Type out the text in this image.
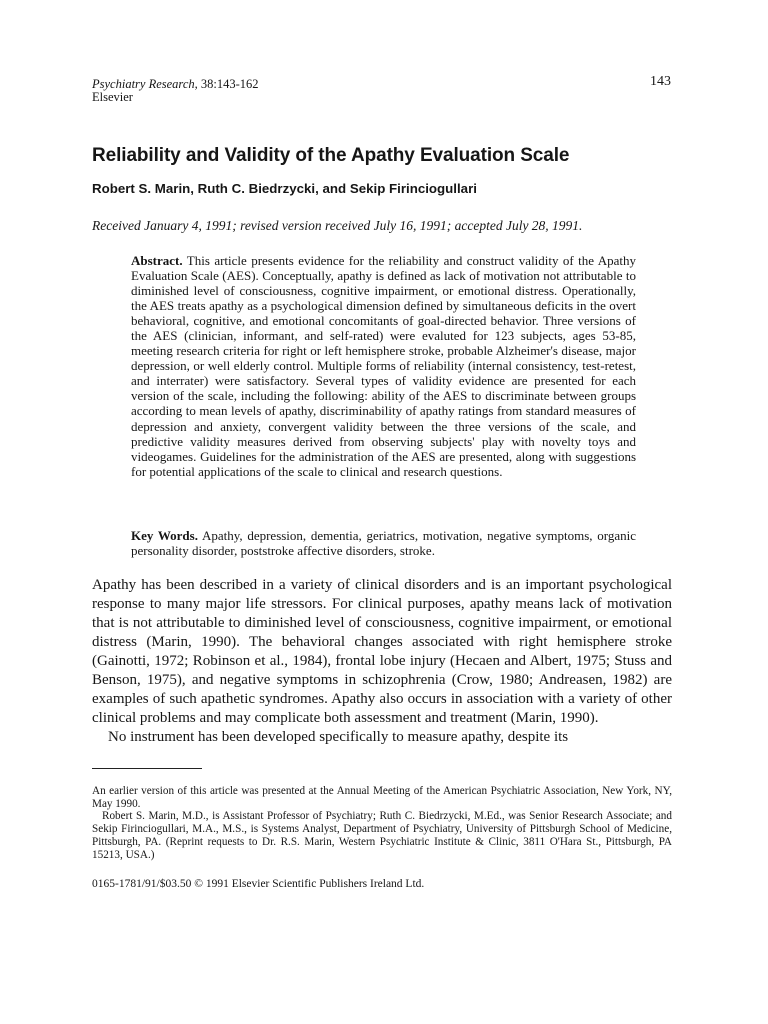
Psychiatry Research, 38:143-162
Elsevier
143
Reliability and Validity of the Apathy Evaluation Scale
Robert S. Marin, Ruth C. Biedrzycki, and Sekip Firinciogullari
Received January 4, 1991; revised version received July 16, 1991; accepted July 28, 1991.

Abstract. This article presents evidence for the reliability and construct validity of the Apathy Evaluation Scale (AES). Conceptually, apathy is defined as lack of motivation not attributable to diminished level of consciousness, cognitive impairment, or emotional distress. Operationally, the AES treats apathy as a psychological dimension defined by simultaneous deficits in the overt behavioral, cognitive, and emotional concomitants of goal-directed behavior. Three versions of the AES (clinician, informant, and self-rated) were evaluted for 123 subjects, ages 53-85, meeting research criteria for right or left hemisphere stroke, probable Alzheimer's disease, major depression, or well elderly control. Multiple forms of reliability (internal consistency, test-retest, and interrater) were satisfactory. Several types of validity evidence are presented for each version of the scale, including the following: ability of the AES to discriminate between groups according to mean levels of apathy, discriminability of apathy ratings from standard measures of depression and anxiety, convergent validity between the three versions of the scale, and predictive validity measures derived from observing subjects' play with novelty toys and videogames. Guidelines for the administration of the AES are presented, along with suggestions for potential applications of the scale to clinical and research questions.

Key Words. Apathy, depression, dementia, geriatrics, motivation, negative symptoms, organic personality disorder, poststroke affective disorders, stroke.

Apathy has been described in a variety of clinical disorders and is an important psychological response to many major life stressors. For clinical purposes, apathy means lack of motivation that is not attributable to diminished level of consciousness, cognitive impairment, or emotional distress (Marin, 1990). The behavioral changes associated with right hemisphere stroke (Gainotti, 1972; Robinson et al., 1984), frontal lobe injury (Hecaen and Albert, 1975; Stuss and Benson, 1975), and negative symptoms in schizophrenia (Crow, 1980; Andreasen, 1982) are examples of such apathetic syndromes. Apathy also occurs in association with a variety of other clinical problems and may complicate both assessment and treatment (Marin, 1990).

No instrument has been developed specifically to measure apathy, despite its

An earlier version of this article was presented at the Annual Meeting of the American Psychiatric Association, New York, NY, May 1990.

Robert S. Marin, M.D., is Assistant Professor of Psychiatry; Ruth C. Biedrzycki, M.Ed., was Senior Research Associate; and Sekip Firinciogullari, M.A., M.S., is Systems Analyst, Department of Psychiatry, University of Pittsburgh School of Medicine, Pittsburgh, PA. (Reprint requests to Dr. R.S. Marin, Western Psychiatric Institute & Clinic, 3811 O'Hara St., Pittsburgh, PA 15213, USA.)

0165-1781/91/$03.50 © 1991 Elsevier Scientific Publishers Ireland Ltd.
